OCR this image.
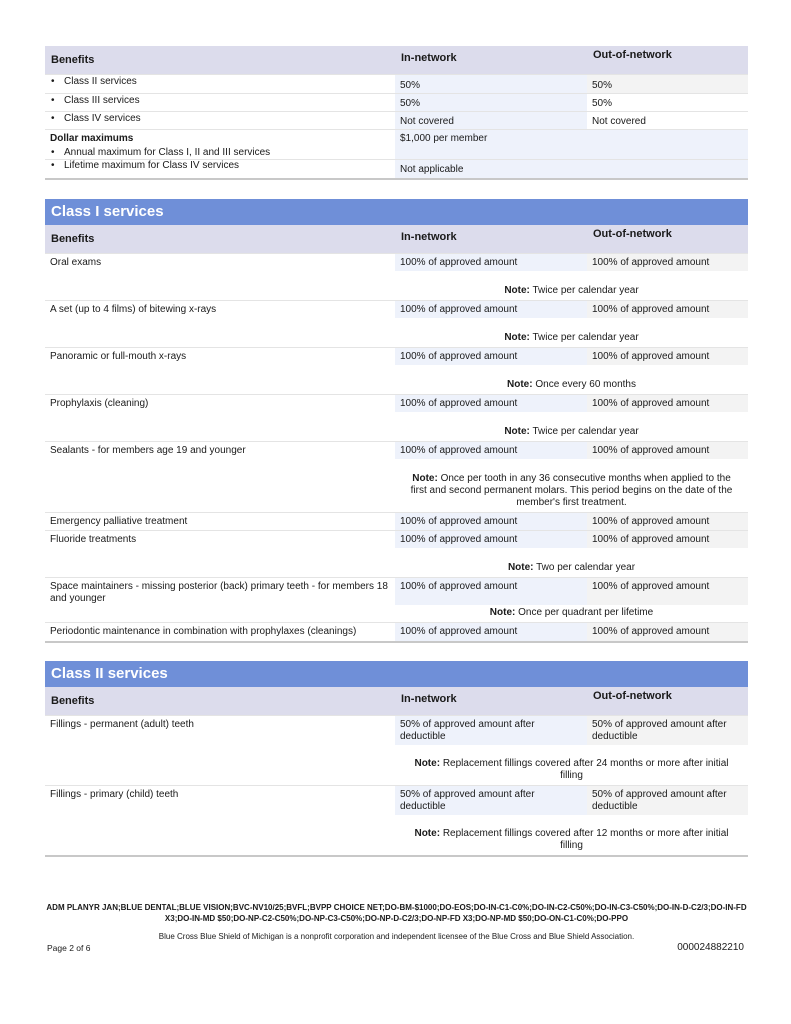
Benefits	In-network	Out-of-network
• Class II services	50%	50%
• Class III services	50%	50%
• Class IV services	Not covered	Not covered

Dollar maximums
• Annual maximum for Class I, II and III services	$1,000 per member	
• Lifetime maximum for Class IV services	Not applicable	
Class I services
Benefits	In-network	Out-of-network
Oral exams	100% of approved amount	100% of approved amount
	Note: Twice per calendar year	
A set (up to 4 films) of bitewing x-rays	100% of approved amount	100% of approved amount
	Note: Twice per calendar year	
Panoramic or full-mouth x-rays	100% of approved amount	100% of approved amount
	Note: Once every 60 months	
Prophylaxis (cleaning)	100% of approved amount	100% of approved amount
	Note: Twice per calendar year	
Sealants - for members age 19 and younger	100% of approved amount	100% of approved amount
	Note: Once per tooth in any 36 consecutive months when applied to the first and second permanent molars. This period begins on the date of the member's first treatment.	
Emergency palliative treatment	100% of approved amount	100% of approved amount
Fluoride treatments	100% of approved amount	100% of approved amount
	Note: Two per calendar year	
Space maintainers - missing posterior (back) primary teeth - for members 18 and younger	100% of approved amount	100% of approved amount
	Note: Once per quadrant per lifetime	
Periodontic maintenance in combination with prophylaxes (cleanings)	100% of approved amount	100% of approved amount
Class II services
Benefits	In-network	Out-of-network
Fillings - permanent (adult) teeth	50% of approved amount after deductible	50% of approved amount after deductible
	Note: Replacement fillings covered after 24 months or more after initial filling	
Fillings - primary (child) teeth	50% of approved amount after deductible	50% of approved amount after deductible
	Note: Replacement fillings covered after 12 months or more after initial filling	
ADM PLANYR JAN;BLUE DENTAL;BLUE VISION;BVC-NV10/25;BVFL;BVPP CHOICE NET;DO-BM-$1000;DO-EOS;DO-IN-C1-C0%;DO-IN-C2-C50%;DO-IN-C3-C50%;DO-IN-D-C2/3;DO-IN-FD X3;DO-IN-MD $50;DO-NP-C2-C50%;DO-NP-C3-C50%;DO-NP-D-C2/3;DO-NP-FD X3;DO-NP-MD $50;DO-ON-C1-C0%;DO-PPO
Blue Cross Blue Shield of Michigan is a nonprofit corporation and independent licensee of the Blue Cross and Blue Shield Association.
Page 2 of 6	000024882210
